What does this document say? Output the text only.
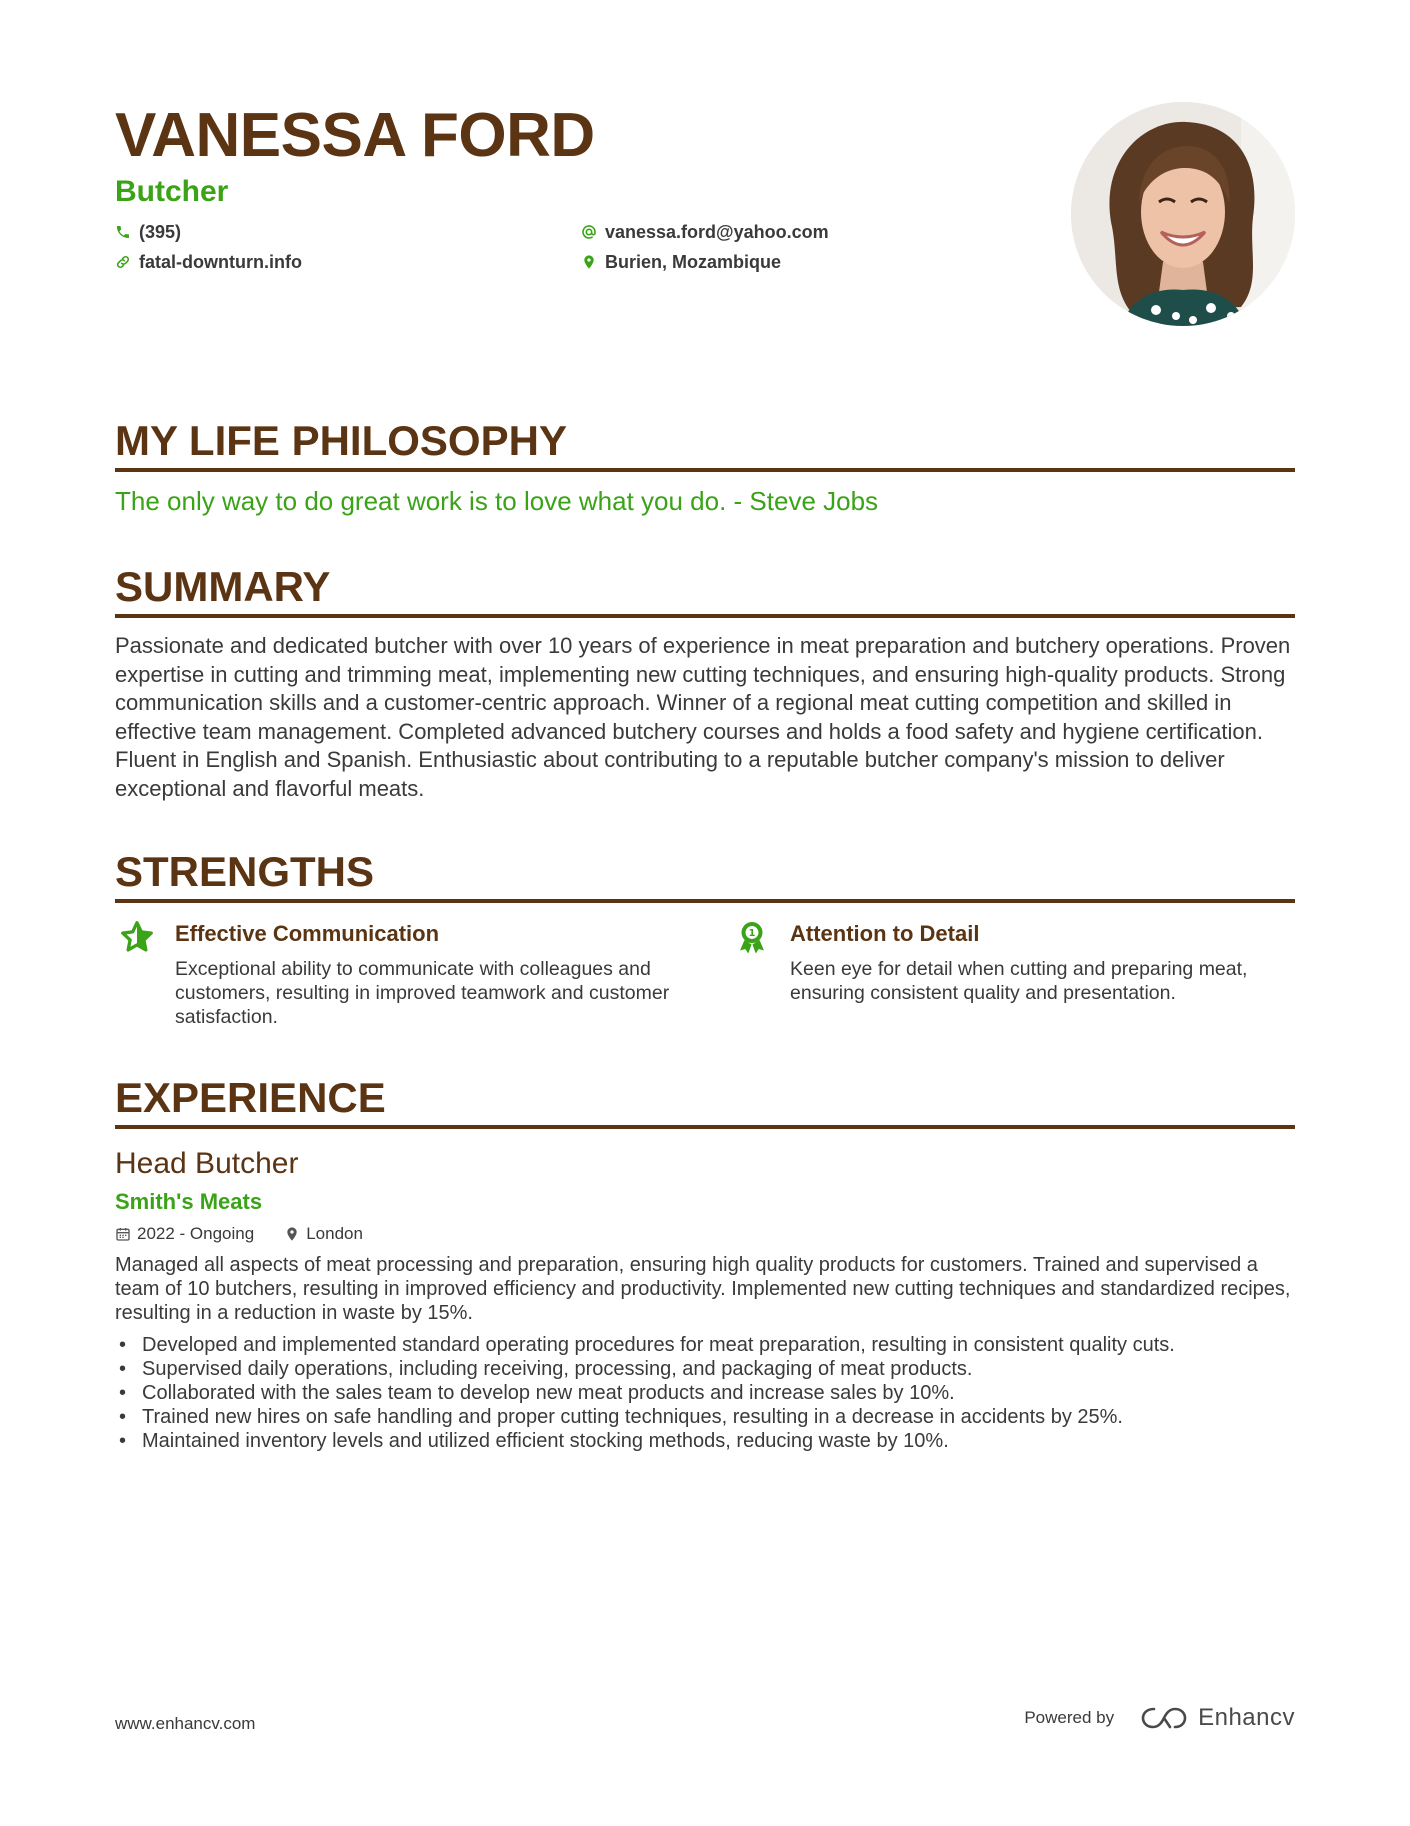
VANESSA FORD

Butcher

(395)	vanessa.ford@yahoo.com
fatal-downturn.info	Burien, Mozambique
MY LIFE PHILOSOPHY

The only way to do great work is to love what you do. - Steve Jobs

SUMMARY

Passionate and dedicated butcher with over 10 years of experience in meat preparation and butchery operations. Proven expertise in cutting and trimming meat, implementing new cutting techniques, and ensuring high-quality products. Strong communication skills and a customer-centric approach. Winner of a regional meat cutting competition and skilled in effective team management. Completed advanced butchery courses and holds a food safety and hygiene certification. Fluent in English and Spanish. Enthusiastic about contributing to a reputable butcher company's mission to deliver exceptional and flavorful meats.

STRENGTHS

Effective Communication

Exceptional ability to communicate with colleagues and customers, resulting in improved teamwork and customer satisfaction.

1 Attention to Detail

Keen eye for detail when cutting and preparing meat, ensuring consistent quality and presentation.

EXPERIENCE

Head Butcher

Smith's Meats

2022 - Ongoing	London

Managed all aspects of meat processing and preparation, ensuring high quality products for customers. Trained and supervised a team of 10 butchers, resulting in improved efficiency and productivity. Implemented new cutting techniques and standardized recipes, resulting in a reduction in waste by 15%.

• Developed and implemented standard operating procedures for meat preparation, resulting in consistent quality cuts.
• Supervised daily operations, including receiving, processing, and packaging of meat products.
• Collaborated with the sales team to develop new meat products and increase sales by 10%.
• Trained new hires on safe handling and proper cutting techniques, resulting in a decrease in accidents by 25%.
• Maintained inventory levels and utilized efficient stocking methods, reducing waste by 10%.
www.enhancv.com	Powered by	Enhancv
